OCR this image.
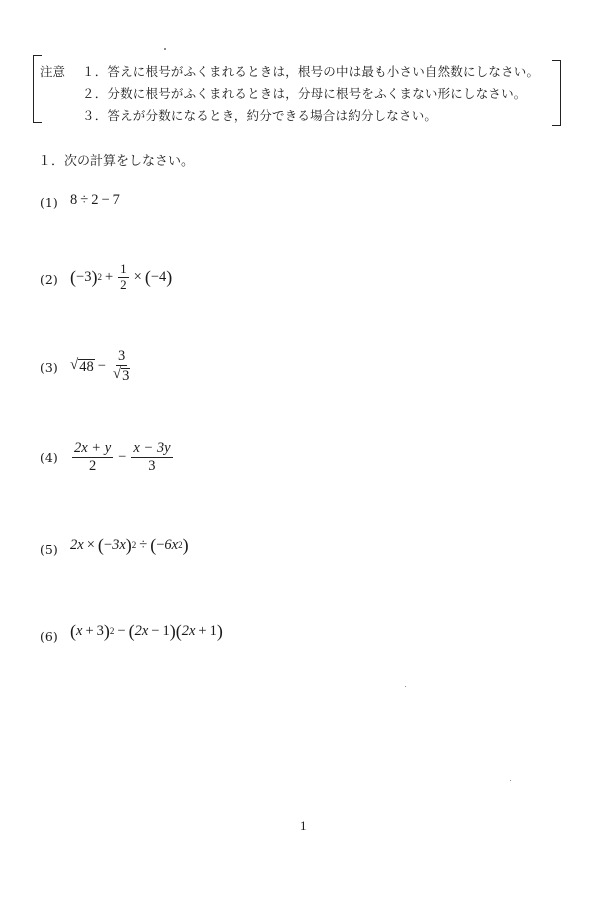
注意 １．答えに根号がふくまれるときは，根号の中は最も小さい自然数にしなさい。
２．分数に根号がふくまれるときは，分母に根号をふくまない形にしなさい。
３．答えが分数になるとき，約分できる場合は約分しなさい。
１．次の計算をしなさい。
(1) 8 ÷ 2 − 7
(2) ( − 3 ) $2 + \frac{1}{2}$ × ( − 4 )
(3) √ $48 - \frac{3}{√ 3}$
$(4) \frac{2x + y}{2} - \frac{x - 3y}{3}$
(5) 2x × ( − 3x ) 2 ÷ ( − 6x 2 )
(6) ( x + 3 ) 2 − ( 2x − 1 ) ( 2x + 1 )
1
